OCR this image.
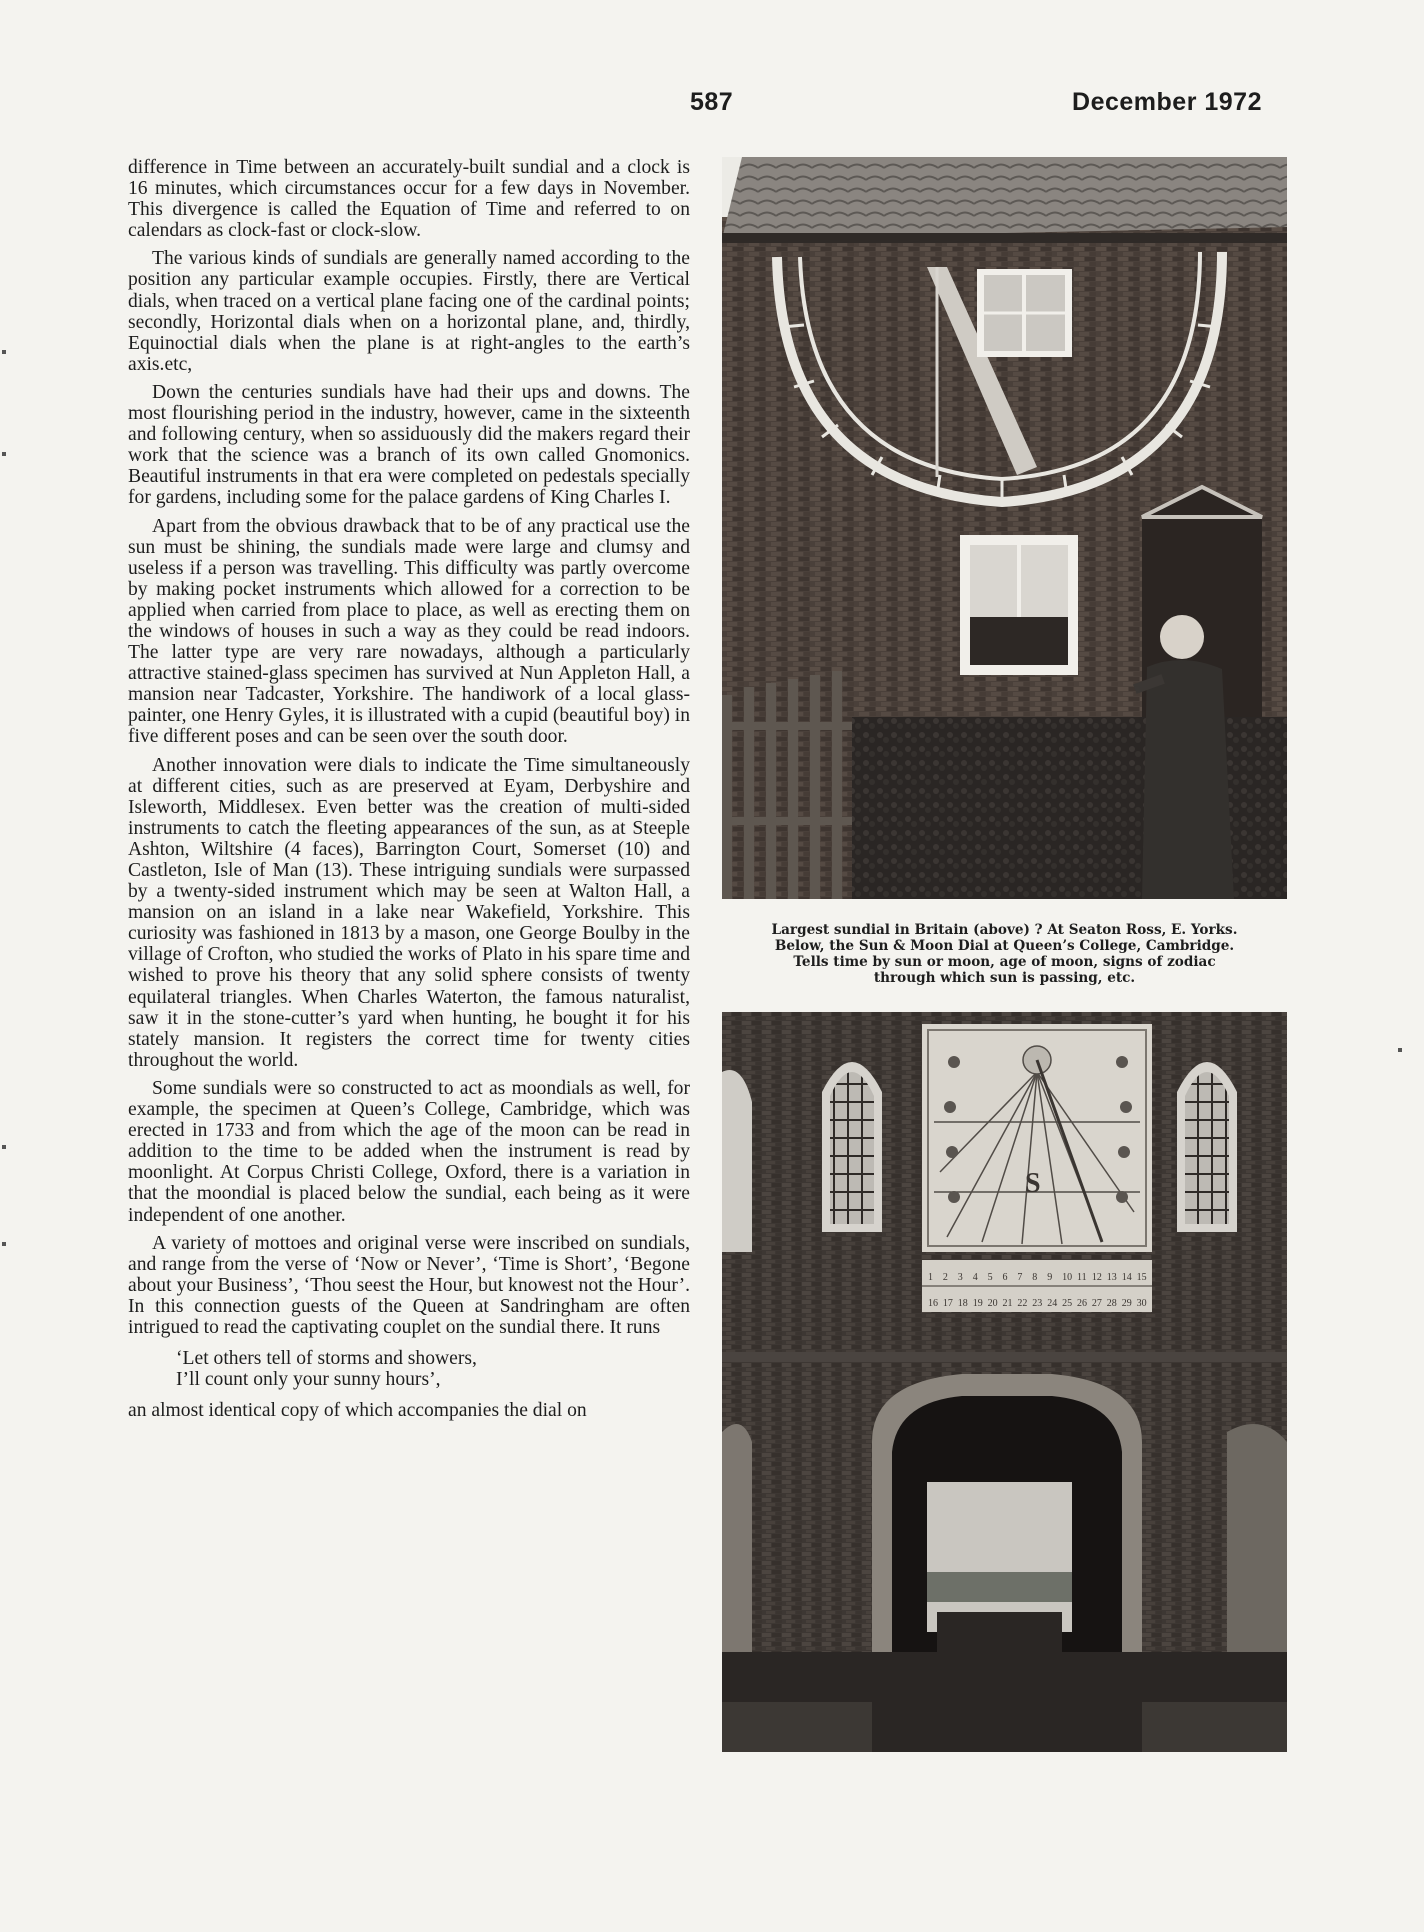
587	December 1972

difference in Time between an accurately-built sundial and a clock is 16 minutes, which circumstances occur for a few days in November. This divergence is called the Equation of Time and referred to on calendars as clock-fast or clock-slow.

The various kinds of sundials are generally named according to the position any particular example occupies. Firstly, there are Vertical dials, when traced on a vertical plane facing one of the cardinal points; secondly, Horizontal dials when on a horizontal plane, and, thirdly, Equinoctial dials when the plane is at right-angles to the earth’s axis.etc,

Down the centuries sundials have had their ups and downs. The most flourishing period in the industry, however, came in the sixteenth and following century, when so assiduously did the makers regard their work that the science was a branch of its own called Gnomonics. Beautiful instruments in that era were completed on pedestals specially for gardens, including some for the palace gardens of King Charles I.

Apart from the obvious drawback that to be of any practical use the sun must be shining, the sundials made were large and clumsy and useless if a person was travelling. This difficulty was partly overcome by making pocket instruments which allowed for a correction to be applied when carried from place to place, as well as erecting them on the windows of houses in such a way as they could be read indoors. The latter type are very rare nowadays, although a particularly attractive stained-glass specimen has survived at Nun Appleton Hall, a mansion near Tadcaster, Yorkshire. The handiwork of a local glass-painter, one Henry Gyles, it is illustrated with a cupid (beautiful boy) in five different poses and can be seen over the south door.

Another innovation were dials to indicate the Time simultaneously at different cities, such as are preserved at Eyam, Derbyshire and Isleworth, Middlesex. Even better was the creation of multi-sided instruments to catch the fleeting appearances of the sun, as at Steeple Ashton, Wiltshire (4 faces), Barrington Court, Somerset (10) and Castleton, Isle of Man (13). These intriguing sundials were surpassed by a twenty-sided instrument which may be seen at Walton Hall, a mansion on an island in a lake near Wakefield, Yorkshire. This curiosity was fashioned in 1813 by a mason, one George Boulby in the village of Crofton, who studied the works of Plato in his spare time and wished to prove his theory that any solid sphere consists of twenty equilateral triangles. When Charles Waterton, the famous naturalist, saw it in the stone-cutter’s yard when hunting, he bought it for his stately mansion. It registers the correct time for twenty cities throughout the world.

Some sundials were so constructed to act as moondials as well, for example, the specimen at Queen’s College, Cambridge, which was erected in 1733 and from which the age of the moon can be read in addition to the time to be added when the instrument is read by moonlight. At Corpus Christi College, Oxford, there is a variation in that the moondial is placed below the sundial, each being as it were independent of one another.

A variety of mottoes and original verse were inscribed on sundials, and range from the verse of ‘Now or Never’, ‘Time is Short’, ‘Begone about your Business’, ‘Thou seest the Hour, but knowest not the Hour’. In this connection guests of the Queen at Sandringham are often intrigued to read the captivating couplet on the sundial there. It runs

‘Let others tell of storms and showers,
I’ll count only your sunny hours’,

an almost identical copy of which accompanies the dial on

Largest sundial in Britain (above) ? At Seaton Ross, E. Yorks.
Below, the Sun & Moon Dial at Queen’s College, Cambridge.
Tells time by sun or moon, age of moon, signs of zodiac
through which sun is passing, etc.
S
1 2 3 4 5 6 7 8 9 10 11 12 13 14 15
16 17 18 19 20 21 22 23 24 25 26 27 28 29 30
